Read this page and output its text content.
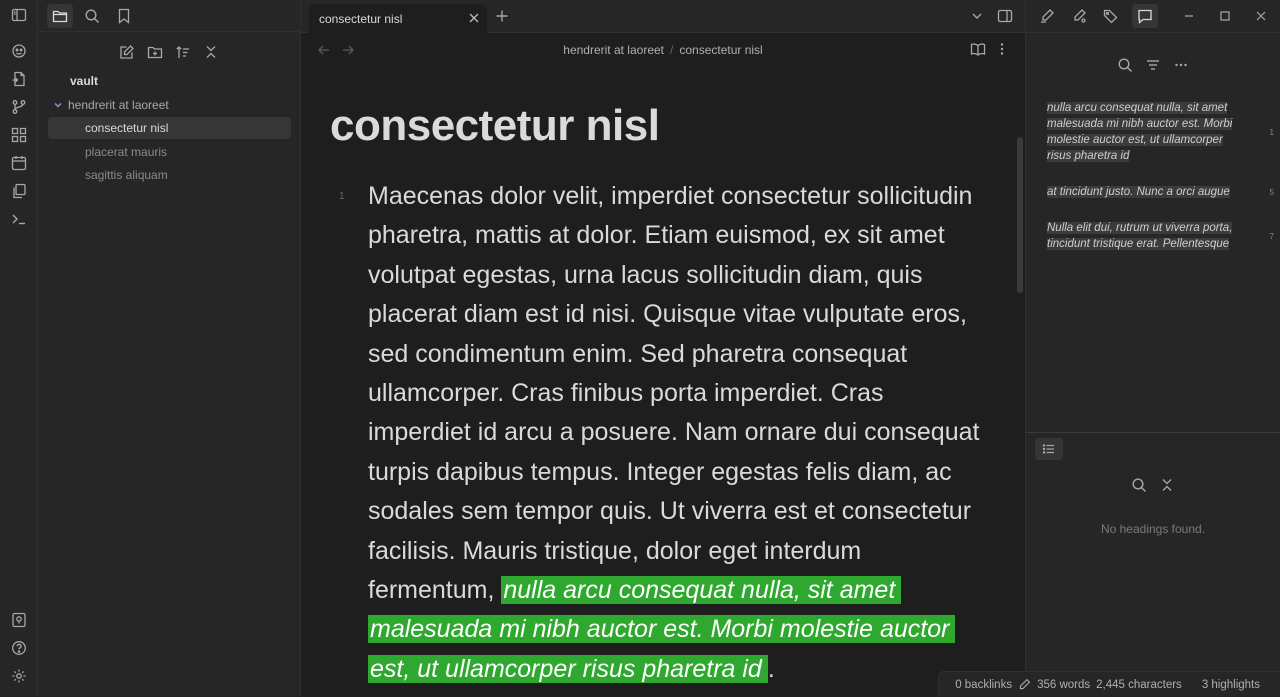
vault
hendrerit at laoreet
consectetur nisl
placerat mauris
sagittis aliquam
consectetur nisl
hendrerit at laoreet / consectetur nisl
consectetur nisl
1 Maecenas dolor velit, imperdiet consectetur sollicitudin pharetra, mattis at dolor. Etiam euismod, ex sit amet volutpat egestas, urna lacus sollicitudin diam, quis placerat diam est id nisi. Quisque vitae vulputate eros, sed condimentum enim. Sed pharetra consequat ullamcorper. Cras finibus porta imperdiet. Cras imperdiet id arcu a posuere. Nam ornare dui consequat turpis dapibus tempus. Integer egestas felis diam, ac sodales sem tempor quis. Ut viverra est et consectetur facilisis. Mauris tristique, dolor eget interdum fermentum, nulla arcu consequat nulla, sit amet malesuada mi nibh auctor est. Morbi molestie auctor est, ut ullamcorper risus pharetra id .
nulla arcu consequat nulla, sit amet malesuada mi nibh auctor est. Morbi molestie auctor est, ut ullamcorper risus pharetra id
1
at tincidunt justo. Nunc a orci augue	5
Nulla elit dui, rutrum ut viverra porta, tincidunt tristique erat. Pellentesque
7
No headings found.
0 backlinks 356 words 2,445 characters 3 highlights
